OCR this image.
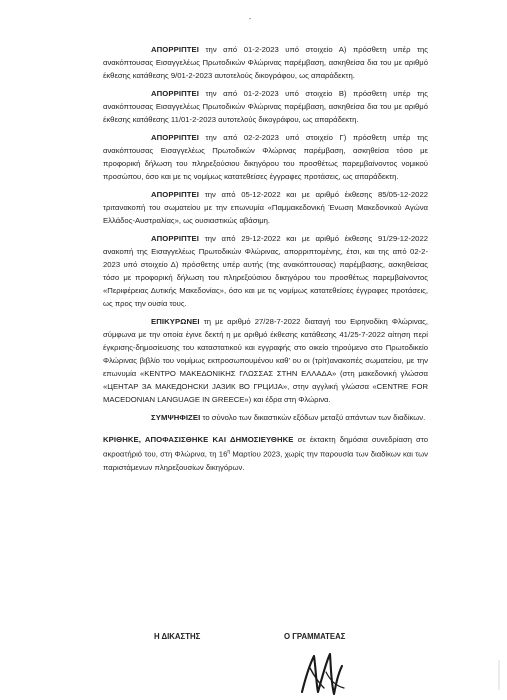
-

ΑΠΟΡΡΙΠΤΕΙ την από 01-2-2023 υπό στοιχείο Α) πρόσθετη υπέρ της ανακόπτουσας Εισαγγελέως Πρωτοδικών Φλώρινας παρέμβαση, ασκηθείσα δια του με αριθμό έκθεσης κατάθεσης 9/01-2-2023 αυτοτελούς δικογράφου, ως απαράδεκτη.

ΑΠΟΡΡΙΠΤΕΙ την από 01-2-2023 υπό στοιχείο Β) πρόσθετη υπέρ της ανακόπτουσας Εισαγγελέως Πρωτοδικών Φλώρινας παρέμβαση, ασκηθείσα δια του με αριθμό έκθεσης κατάθεσης 11/01-2-2023 αυτοτελούς δικογράφου, ως απαράδεκτη.

ΑΠΟΡΡΙΠΤΕΙ την από 02-2-2023 υπό στοιχείο Γ) πρόσθετη υπέρ της ανακόπτουσας Εισαγγελέως Πρωτοδικών Φλώρινας παρέμβαση, ασκηθείσα τόσο με προφορική δήλωση του πληρεξούσιου δικηγόρου του προσθέτως παρεμβαίνοντος νομικού προσώπου, όσο και με τις νομίμως κατατεθείσες έγγραφες προτάσεις, ως απαράδεκτη.

ΑΠΟΡΡΙΠΤΕΙ την από 05-12-2022 και με αριθμό έκθεσης 85/05-12-2022 τριτανακοπή του σωματείου με την επωνυμία «Παμμακεδονική Ένωση Μακεδονικού Αγώνα Ελλάδος-Αυστραλίας», ως ουσιαστικώς αβάσιμη.

ΑΠΟΡΡΙΠΤΕΙ την από 29-12-2022 και με αριθμό έκθεσης 91/29-12-2022 ανακοπή της Εισαγγελέως Πρωτοδικών Φλώρινας, απορριπτομένης, έτσι, και της από 02-2-2023 υπό στοιχείο Δ) πρόσθετης υπέρ αυτής (της ανακόπτουσας) παρέμβασης, ασκηθείσας τόσο με προφορική δήλωση του πληρεξούσιου δικηγόρου του προσθέτως παρεμβαίνοντος «Περιφέρειας Δυτικής Μακεδονίας», όσο και με τις νομίμως κατατεθείσες έγγραφες προτάσεις, ως προς την ουσία τους.

ΕΠΙΚΥΡΩΝΕΙ τη με αριθμό 27/28-7-2022 διαταγή του Ειρηνοδίκη Φλώρινας, σύμφωνα με την οποία έγινε δεκτή η με αριθμό έκθεσης κατάθεσης 41/25-7-2022 αίτηση περί έγκρισης-δημοσίευσης του καταστατικού και εγγραφής στο οικείο τηρούμενο στο Πρωτοδικείο Φλώρινας βιβλίο του νομίμως εκπροσωπουμένου καθ’ ου οι (τρίτ)ανακοπές σωματείου, με την επωνυμία «ΚΕΝΤΡΟ ΜΑΚΕΔΟΝΙΚΗΣ ΓΛΩΣΣΑΣ ΣΤΗΝ ΕΛΛΑΔΑ» (στη μακεδονική γλώσσα «ЦЕНТАР ЗА МАКЕДОНСКИ ЈАЗИК ВО ГРЦИЈА», στην αγγλική γλώσσα «CENTRE FOR MACEDONIAN LANGUAGE IN GREECE») και έδρα στη Φλώρινα.

ΣΥΜΨΗΦΙΖΕΙ το σύνολο των δικαστικών εξόδων μεταξύ απάντων των διαδίκων.

ΚΡΙΘΗΚΕ, ΑΠΟΦΑΣΙΣΘΗΚΕ ΚΑΙ ΔΗΜΟΣΙΕΥΘΗΚΕ σε έκτακτη δημόσια συνεδρίαση στο ακροατήριό του, στη Φλώρινα, τη $16^\eta$ Μαρτίου 2023, χωρίς την παρουσία των διαδίκων και των παριστάμενων πληρεξουσίων δικηγόρων.

Η ΔΙΚΑΣΤΗΣ	Ο ΓΡΑΜΜΑΤΕΑΣ
